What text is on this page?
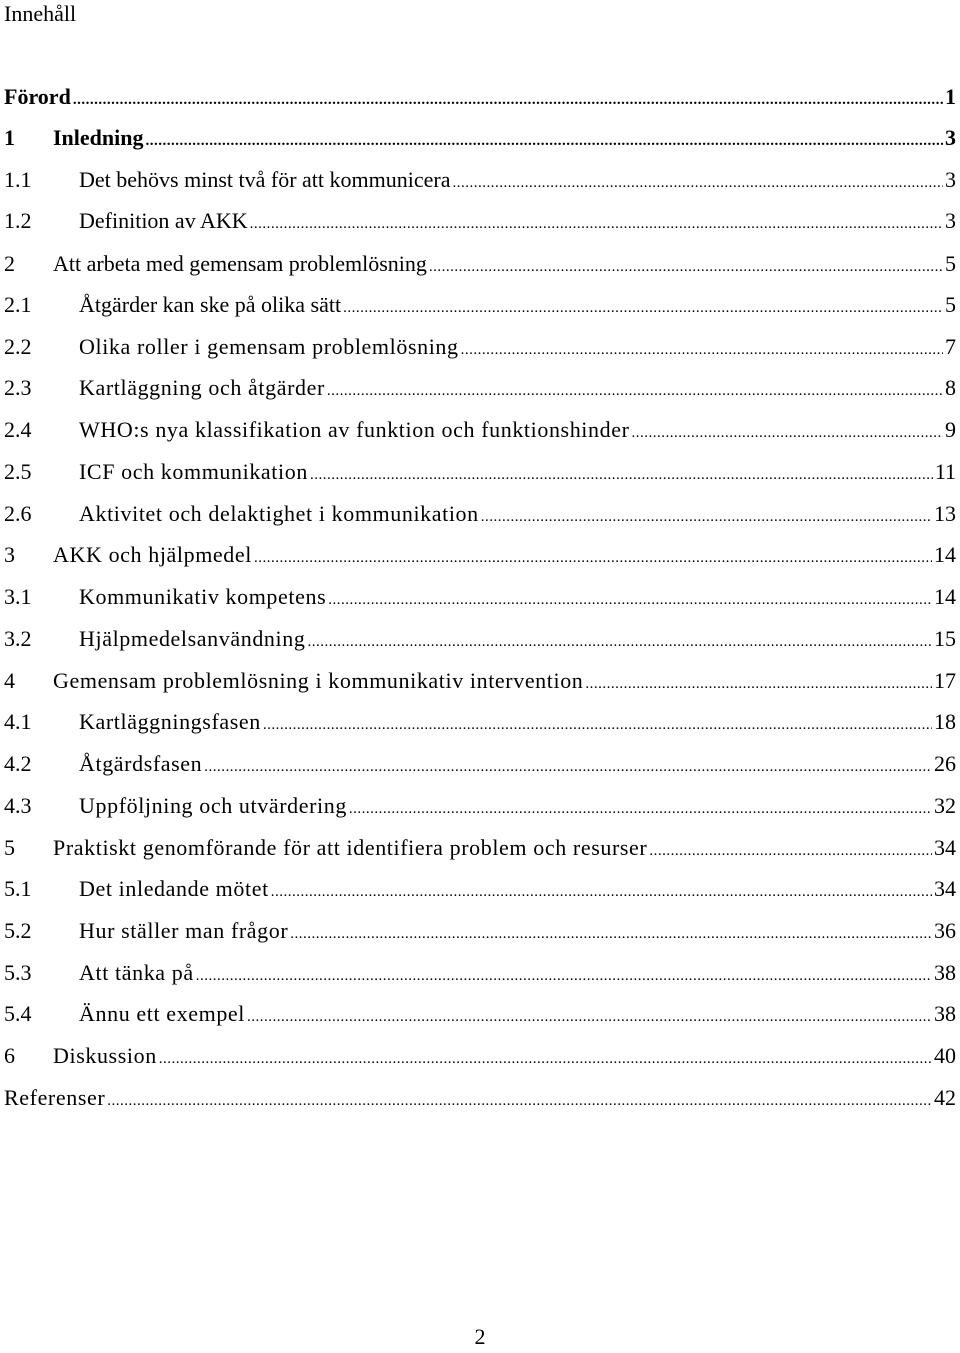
Innehåll
Förord .....	1
1	Inledning .....	3
1.1	Det behövs minst två för att kommunicera .....	3
1.2	Definition av AKK .....	3
2	Att arbeta med gemensam problemlösning .....	5
2.1	Åtgärder kan ske på olika sätt .....	5
2.2	Olika roller i gemensam problemlösning .....	7
2.3	Kartläggning och åtgärder .....	8
2.4	WHO:s nya klassifikation av funktion och funktionshinder .....	9
2.5	ICF och kommunikation .....	11
2.6	Aktivitet och delaktighet i kommunikation .....	13
3	AKK och hjälpmedel .....	14
3.1	Kommunikativ kompetens .....	14
3.2	Hjälpmedelsanvändning .....	15
4	Gemensam problemlösning i kommunikativ intervention .....	17
4.1	Kartläggningsfasen .....	18
4.2	Åtgärdsfasen .....	26
4.3	Uppföljning och utvärdering .....	32
5	Praktiskt genomförande för att identifiera problem och resurser .....	34
5.1	Det inledande mötet .....	34
5.2	Hur ställer man frågor .....	36
5.3	Att tänka på .....	38
5.4	Ännu ett exempel .....	38
6	Diskussion .....	40
Referenser .....	42
2
